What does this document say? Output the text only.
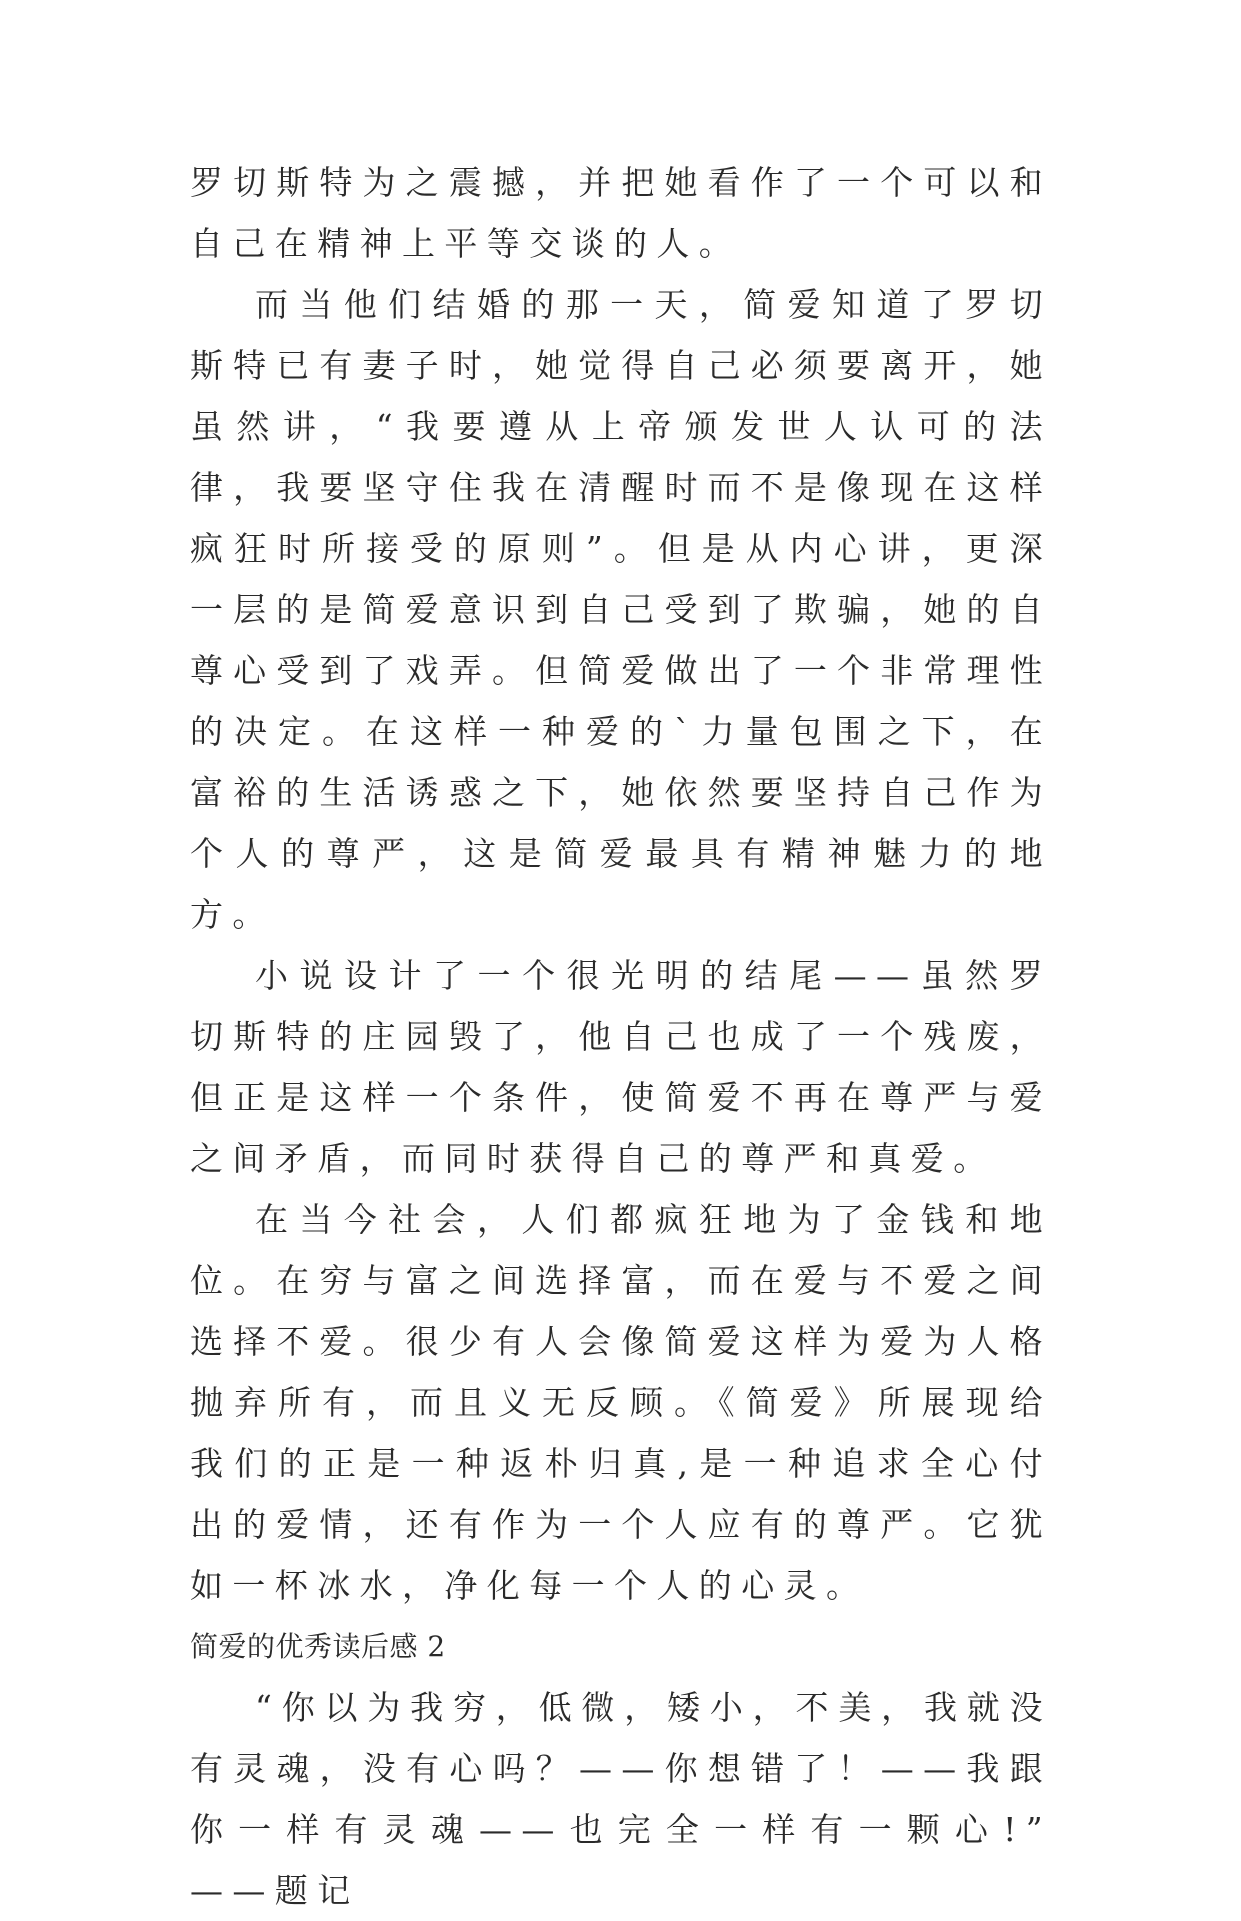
罗切斯特为之震撼，并把她看作了一个可以和自己在精神上平等交谈的人。

而当他们结婚的那一天，简爱知道了罗切斯特已有妻子时，她觉得自己必须要离开，她虽然讲，“我要遵从上帝颁发世人认可的法律，我要坚守住我在清醒时而不是像现在这样疯狂时所接受的原则”。但是从内心讲，更深一层的是简爱意识到自己受到了欺骗，她的自尊心受到了戏弄。但简爱做出了一个非常理性的决定。在这样一种爱的`力量包围之下，在富裕的生活诱惑之下，她依然要坚持自己作为个人的尊严，这是简爱最具有精神魅力的地方。

小说设计了一个很光明的结尾——虽然罗切斯特的庄园毁了，他自己也成了一个残废，但正是这样一个条件，使简爱不再在尊严与爱之间矛盾，而同时获得自己的尊严和真爱。

在当今社会，人们都疯狂地为了金钱和地位。在穷与富之间选择富，而在爱与不爱之间选择不爱。很少有人会像简爱这样为爱为人格抛弃所有，而且义无反顾。《简爱》所展现给我们的正是一种返朴归真,是一种追求全心付出的爱情，还有作为一个人应有的尊严。它犹如一杯冰水，净化每一个人的心灵。

简爱的优秀读后感 2

“你以为我穷，低微，矮小，不美，我就没有灵魂，没有心吗？——你想错了！——我跟你一样有灵魂——也完全一样有一颗心!” ——题记
